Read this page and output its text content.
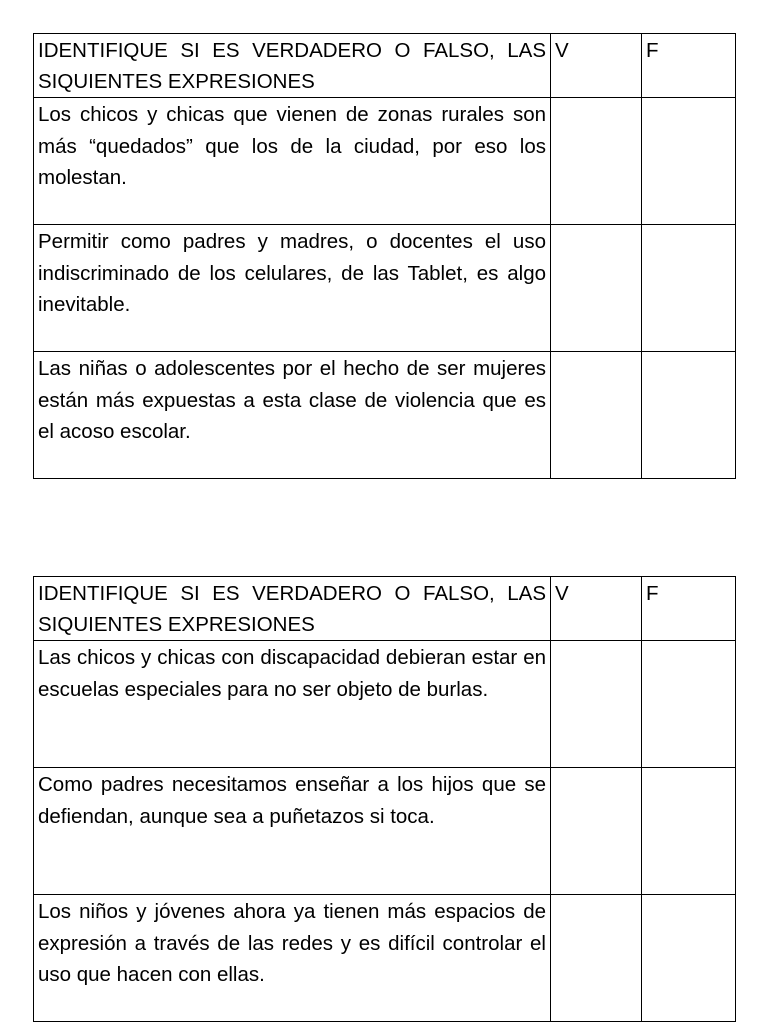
IDENTIFIQUE SI ES VERDADERO O FALSO, LAS SIQUIENTES EXPRESIONES	V	F
Los chicos y chicas que vienen de zonas rurales son más “quedados” que los de la ciudad, por eso los molestan.		
Permitir como padres y madres, o docentes el uso indiscriminado de los celulares, de las Tablet, es algo inevitable.		
Las niñas o adolescentes por el hecho de ser mujeres están más expuestas a esta clase de violencia que es el acoso escolar.		
IDENTIFIQUE SI ES VERDADERO O FALSO, LAS SIQUIENTES EXPRESIONES	V	F
Las chicos y chicas con discapacidad debieran estar en escuelas especiales para no ser objeto de burlas.		
Como padres necesitamos enseñar a los hijos que se defiendan, aunque sea a puñetazos si toca.		
Los niños y jóvenes ahora ya tienen más espacios de expresión a través de las redes y es difícil controlar el uso que hacen con ellas.		
